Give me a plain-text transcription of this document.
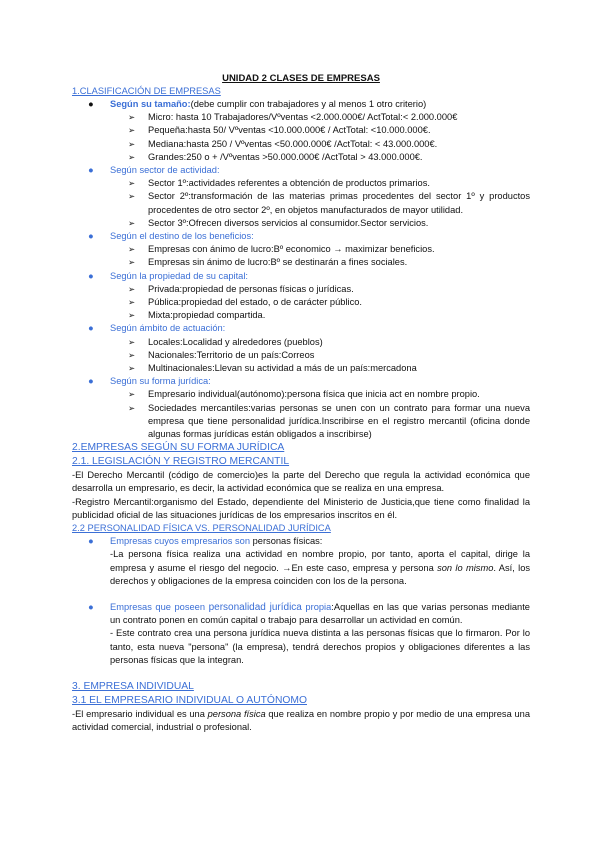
UNIDAD 2 CLASES DE EMPRESAS
1.CLASIFICACIÓN DE EMPRESAS
● Según su tamaño:(debe cumplir con trabajadores y al menos 1 otro criterio)
➢ Micro: hasta 10 Trabajadores/Vºventas <2.000.000€/ ActTotal:< 2.000.000€
➢ Pequeña:hasta 50/ Vºventas <10.000.000€ / ActTotal: <10.000.000€.
➢ Mediana:hasta 250 / Vºventas <50.000.000€ /ActTotal: < 43.000.000€.
➢ Grandes:250 o + /Vºventas >50.000.000€ /ActTotal > 43.000.000€.
● Según sector de actividad:
➢ Sector 1º:actividades referentes a obtención de productos primarios.
➢ Sector 2º:transformación de las materias primas procedentes del sector 1º y productos procedentes de otro sector 2º, en objetos manufacturados de mayor utilidad.
➢ Sector 3º:Ofrecen diversos servicios al consumidor.Sector servicios.
● Según el destino de los beneficios:
➢ Empresas con ánimo de lucro:Bº economico → maximizar beneficios.
➢ Empresas sin ánimo de lucro:Bº se destinarán a fines sociales.
● Según la propiedad de su capital:
➢ Privada:propiedad de personas físicas o jurídicas.
➢ Pública:propiedad del estado, o de carácter público.
➢ Mixta:propiedad compartida.
● Según ámbito de actuación:
➢ Locales:Localidad y alrededores (pueblos)
➢ Nacionales:Territorio de un país:Correos
➢ Multinacionales:Llevan su actividad a más de un país:mercadona
● Según su forma jurídica:
➢ Empresario individual(autónomo):persona física que inicia act en nombre propio.
➢ Sociedades mercantiles:varias personas se unen con un contrato para formar una nueva empresa que tiene personalidad jurídica.Inscribirse en el registro mercantil (oficina donde algunas formas jurídicas están obligados a inscribirse)
2.EMPRESAS SEGÚN SU FORMA JURÍDICA
2.1. LEGISLACIÓN Y REGISTRO MERCANTIL
-El Derecho Mercantil (código de comercio)es la parte del Derecho que regula la actividad económica que desarrolla un empresario, es decir, la actividad económica que se realiza en una empresa.
-Registro Mercantil:organismo del Estado, dependiente del Ministerio de Justicia,que tiene como finalidad la publicidad oficial de las situaciones jurídicas de los empresarios inscritos en él.
2.2 PERSONALIDAD FÍSICA VS. PERSONALIDAD JURÍDICA
● Empresas cuyos empresarios son personas físicas:
-La persona física realiza una actividad en nombre propio, por tanto, aporta el capital, dirige la empresa y asume el riesgo del negocio. →En este caso, empresa y persona son lo mismo. Así, los derechos y obligaciones de la empresa coinciden con los de la persona.
● Empresas que poseen personalidad jurídica propia:Aquellas en las que varias personas mediante un contrato ponen en común capital o trabajo para desarrollar un actividad en común.
- Este contrato crea una persona jurídica nueva distinta a las personas físicas que lo firmaron. Por lo tanto, esta nueva "persona" (la empresa), tendrá derechos propios y obligaciones diferentes a las personas físicas que la integran.
3. EMPRESA INDIVIDUAL
3.1 EL EMPRESARIO INDIVIDUAL O AUTÓNOMO
-El empresario individual es una persona física que realiza en nombre propio y por medio de una empresa una actividad comercial, industrial o profesional.
